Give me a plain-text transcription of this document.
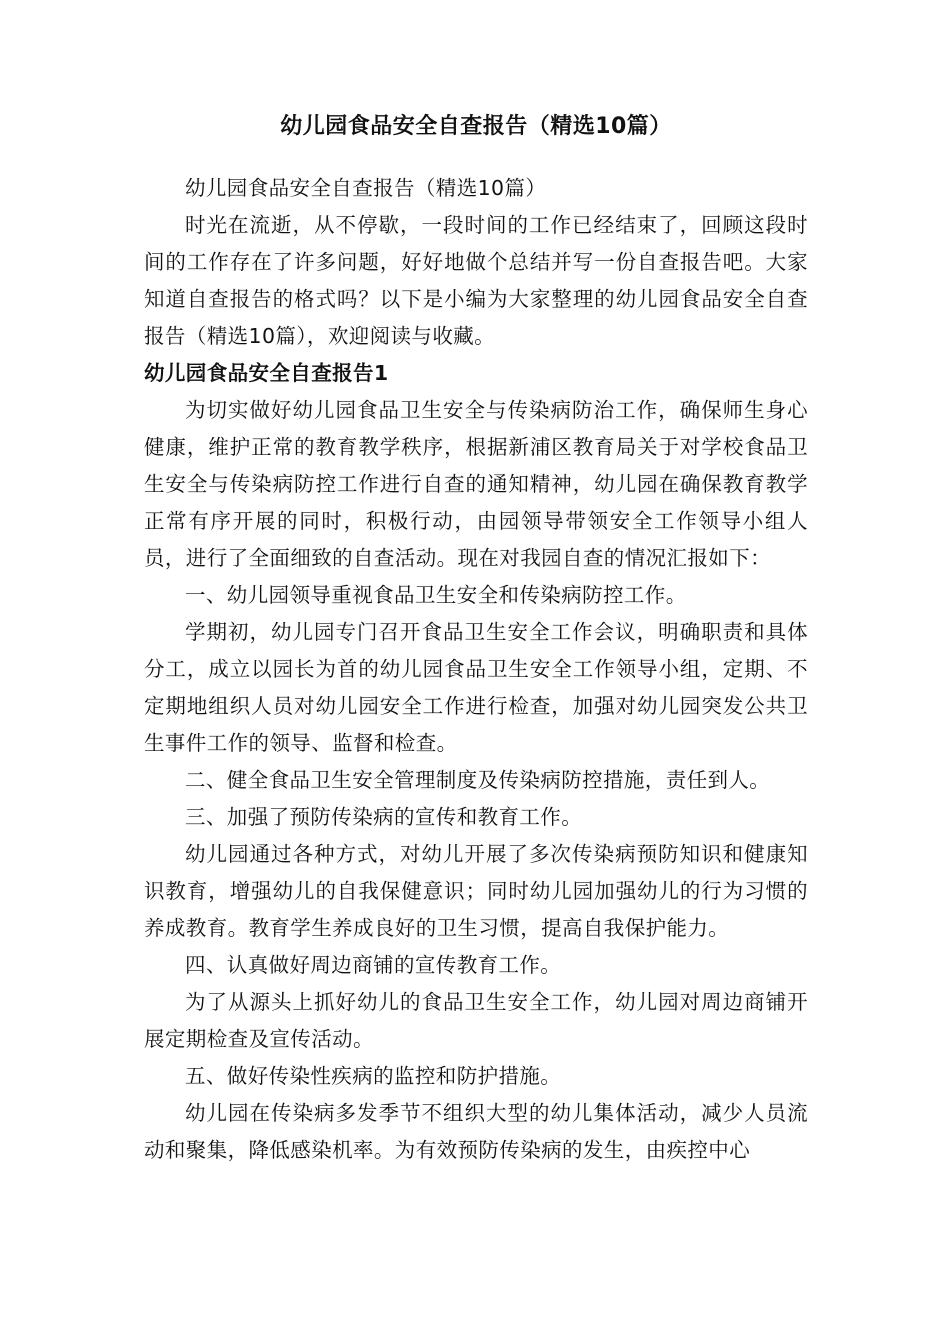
幼儿园食品安全自查报告（精选10篇）

幼儿园食品安全自查报告（精选10篇）

时光在流逝，从不停歇，一段时间的工作已经结束了，回顾这段时间的工作存在了许多问题，好好地做个总结并写一份自查报告吧。大家知道自查报告的格式吗？以下是小编为大家整理的幼儿园食品安全自查报告（精选10篇），欢迎阅读与收藏。

幼儿园食品安全自查报告1

为切实做好幼儿园食品卫生安全与传染病防治工作，确保师生身心健康，维护正常的教育教学秩序，根据新浦区教育局关于对学校食品卫生安全与传染病防控工作进行自查的通知精神，幼儿园在确保教育教学正常有序开展的同时，积极行动，由园领导带领安全工作领导小组人员，进行了全面细致的自查活动。现在对我园自查的情况汇报如下：

一、幼儿园领导重视食品卫生安全和传染病防控工作。

学期初，幼儿园专门召开食品卫生安全工作会议，明确职责和具体分工，成立以园长为首的幼儿园食品卫生安全工作领导小组，定期、不定期地组织人员对幼儿园安全工作进行检查，加强对幼儿园突发公共卫生事件工作的领导、监督和检查。

二、健全食品卫生安全管理制度及传染病防控措施，责任到人。

三、加强了预防传染病的宣传和教育工作。

幼儿园通过各种方式，对幼儿开展了多次传染病预防知识和健康知识教育，增强幼儿的自我保健意识；同时幼儿园加强幼儿的行为习惯的养成教育。教育学生养成良好的卫生习惯，提高自我保护能力。

四、认真做好周边商铺的宣传教育工作。

为了从源头上抓好幼儿的食品卫生安全工作，幼儿园对周边商铺开展定期检查及宣传活动。

五、做好传染性疾病的监控和防护措施。

幼儿园在传染病多发季节不组织大型的幼儿集体活动，减少人员流动和聚集，降低感染机率。为有效预防传染病的发生，由疾控中心
